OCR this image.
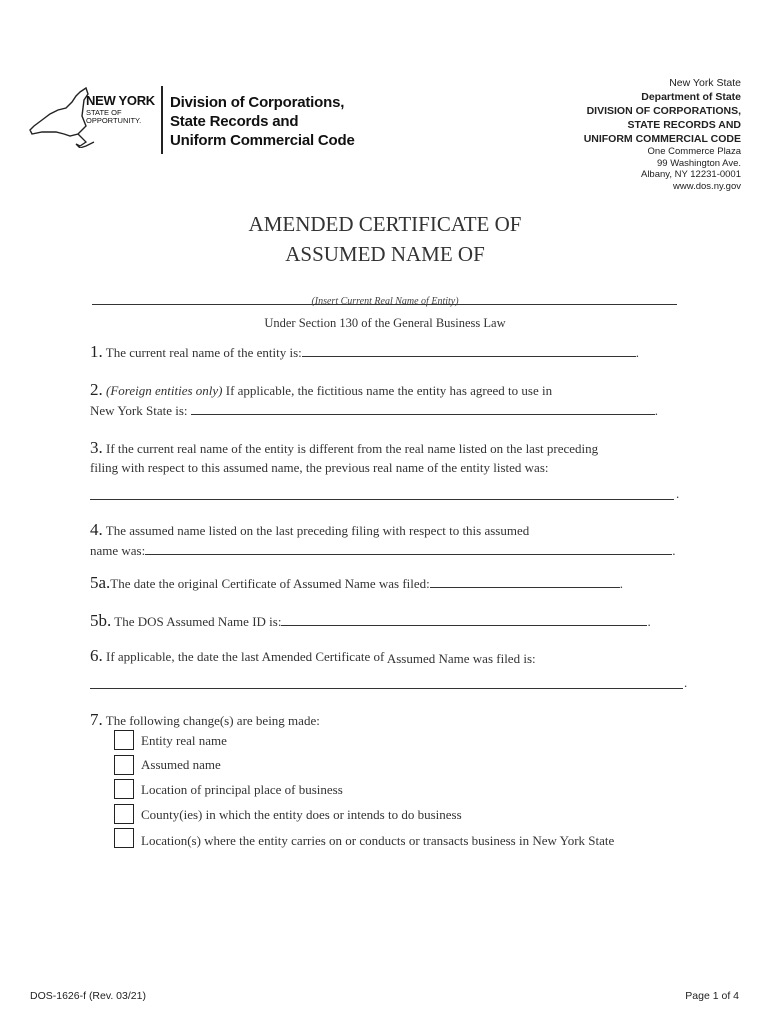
NEW YORK
STATE OF
OPPORTUNITY.
Division of Corporations,
State Records and
Uniform Commercial Code
New York State
Department of State
DIVISION OF CORPORATIONS,
STATE RECORDS AND
UNIFORM COMMERCIAL CODE
One Commerce Plaza
99 Washington Ave.
Albany, NY 12231-0001
www.dos.ny.gov
AMENDED CERTIFICATE OF
ASSUMED NAME OF
(Insert Current Real Name of Entity)
Under Section 130 of the General Business Law
1. The current real name of the entity is:	.
2. (Foreign entities only) If applicable, the fictitious name the entity has agreed to use in
New York State is:	.
3. If the current real name of the entity is different from the real name listed on the last preceding
filing with respect to this assumed name, the previous real name of the entity listed was:
.
4. The assumed name listed on the last preceding filing with respect to this assumed
name was:	.
5a.The date the original Certificate of Assumed Name was filed:	.
5b. The DOS Assumed Name ID is:	.
6. If applicable, the date the last Amended Certificate of Assumed Name was filed is:
.
7. The following change(s) are being made:
Entity real name
Assumed name
Location of principal place of business
County(ies) in which the entity does or intends to do business
Location(s) where the entity carries on or conducts or transacts business in New York State
DOS-1626-f (Rev. 03/21)	Page 1 of 4
